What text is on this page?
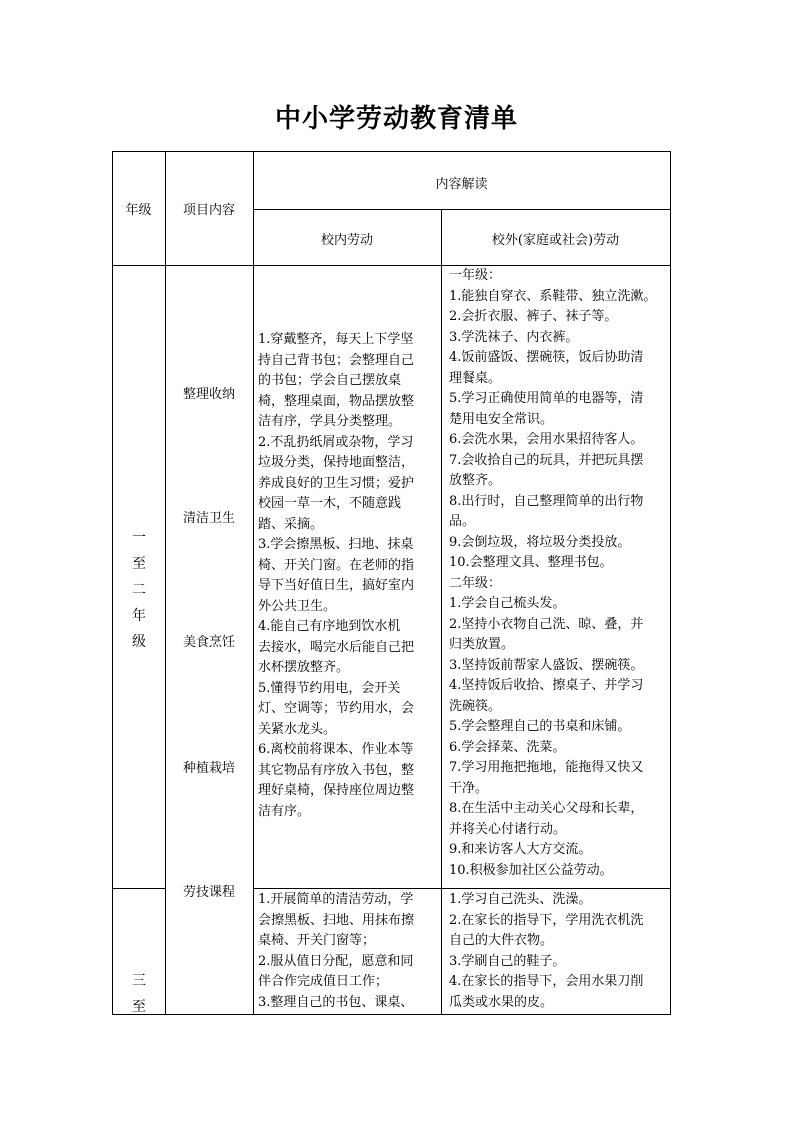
中小学劳动教育清单
年级	项目内容
内容解读
校内劳动	校外(家庭或社会)劳动
一
至
二
年
级
整理收纳
清洁卫生
美食烹饪
种植栽培
劳技课程
1.穿戴整齐，每天上下学坚
持自己背书包；会整理自己
的书包；学会自己摆放桌
椅，整理桌面，物品摆放整
洁有序，学具分类整理。
2.不乱扔纸屑或杂物，学习
垃圾分类，保持地面整洁，
养成良好的卫生习惯；爱护
校园一草一木，不随意践
踏、采摘。
3.学会擦黑板、扫地、抹桌
椅、开关门窗。在老师的指
导下当好值日生，搞好室内
外公共卫生。
4.能自己有序地到饮水机
去接水，喝完水后能自己把
水杯摆放整齐。
5.懂得节约用电，会开关
灯、空调等；节约用水，会
关紧水龙头。
6.离校前将课本、作业本等
其它物品有序放入书包，整
理好桌椅，保持座位周边整
洁有序。
一年级：
1.能独自穿衣、系鞋带、独立洗漱。
2.会折衣服、裤子、袜子等。
3.学洗袜子、内衣裤。
4.饭前盛饭、摆碗筷，饭后协助清
理餐桌。
5.学习正确使用简单的电器等，清
楚用电安全常识。
6.会洗水果，会用水果招待客人。
7.会收拾自己的玩具，并把玩具摆
放整齐。
8.出行时，自己整理简单的出行物
品。
9.会倒垃圾，将垃圾分类投放。
10.会整理文具、整理书包。
二年级：
1.学会自己梳头发。
2.坚持小衣物自己洗、晾、叠，并
归类放置。
3.坚持饭前帮家人盛饭、摆碗筷。
4.坚持饭后收拾、擦桌子、并学习
洗碗筷。
5.学会整理自己的书桌和床铺。
6.学会择菜、洗菜。
7.学习用拖把拖地，能拖得又快又
干净。
8.在生活中主动关心父母和长辈，
并将关心付诸行动。
9.和来访客人大方交流。
10.积极参加社区公益劳动。
三
至
1.开展简单的清洁劳动，学
会擦黑板、扫地、用抹布擦
桌椅、开关门窗等；
2.服从值日分配，愿意和同
伴合作完成值日工作；
3.整理自己的书包、课桌、
1.学习自己洗头、洗澡。
2.在家长的指导下，学用洗衣机洗
自己的大件衣物。
3.学刷自己的鞋子。
4.在家长的指导下，会用水果刀削
瓜类或水果的皮。
